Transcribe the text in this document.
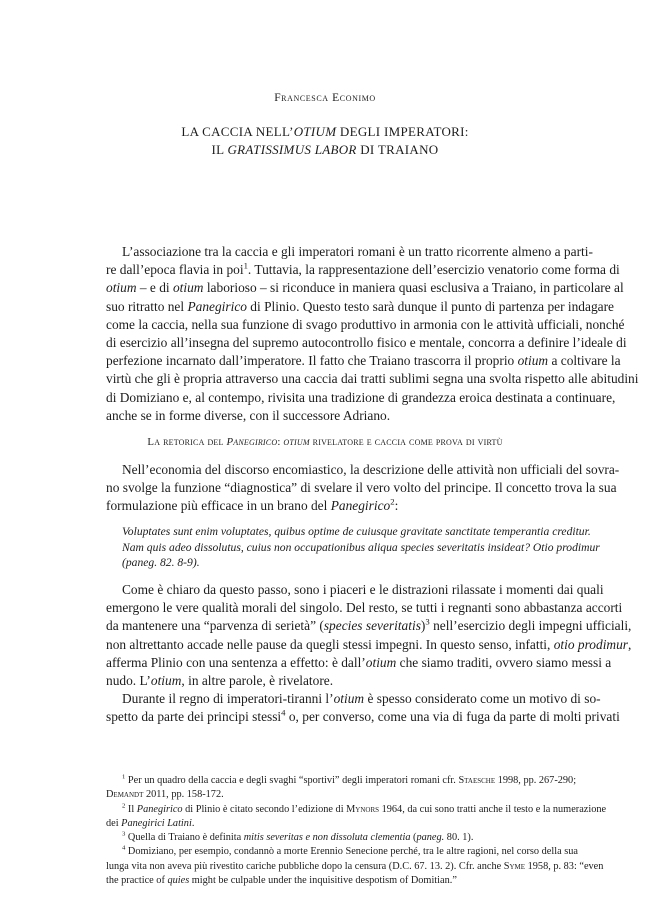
Francesca Econimo
LA CACCIA NELL’OTIUM DEGLI IMPERATORI:
IL GRATISSIMUS LABOR DI TRAIANO
L’associazione tra la caccia e gli imperatori romani è un tratto ricorrente almeno a parti-
re dall’epoca flavia in poi$^1$. Tuttavia, la rappresentazione dell’esercizio venatorio come forma di
otium – e di otium laborioso – si riconduce in maniera quasi esclusiva a Traiano, in particolare al
suo ritratto nel Panegirico di Plinio. Questo testo sarà dunque il punto di partenza per indagare
come la caccia, nella sua funzione di svago produttivo in armonia con le attività ufficiali, nonché
di esercizio all’insegna del supremo autocontrollo fisico e mentale, concorra a definire l’ideale di
perfezione incarnato dall’imperatore. Il fatto che Traiano trascorra il proprio otium a coltivare la
virtù che gli è propria attraverso una caccia dai tratti sublimi segna una svolta rispetto alle abitudini
di Domiziano e, al contempo, rivisita una tradizione di grandezza eroica destinata a continuare,
anche se in forme diverse, con il successore Adriano.
La retorica del Panegirico: otium rivelatore e caccia come prova di virtù
Nell’economia del discorso encomiastico, la descrizione delle attività non ufficiali del sovra-
no svolge la funzione “diagnostica” di svelare il vero volto del principe. Il concetto trova la sua
formulazione più efficace in un brano del Panegirico$^2$:
Voluptates sunt enim voluptates, quibus optime de cuiusque gravitate sanctitate temperantia creditur.
Nam quis adeo dissolutus, cuius non occupationibus aliqua species severitatis insideat? Otio prodimur
(paneg. 82. 8-9).
Come è chiaro da questo passo, sono i piaceri e le distrazioni rilassate i momenti dai quali
emergono le vere qualità morali del singolo. Del resto, se tutti i regnanti sono abbastanza accorti
da mantenere una “parvenza di serietà” (species severitatis)$^3$ nell’esercizio degli impegni ufficiali,
non altrettanto accade nelle pause da quegli stessi impegni. In questo senso, infatti, otio prodimur,
afferma Plinio con una sentenza a effetto: è dall’otium che siamo traditi, ovvero siamo messi a
nudo. L’otium, in altre parole, è rivelatore.
Durante il regno di imperatori-tiranni l’otium è spesso considerato come un motivo di so-
spetto da parte dei principi stessi$^4$ o, per converso, come una via di fuga da parte di molti privati
$^1$ Per un quadro della caccia e degli svaghi “sportivi” degli imperatori romani cfr. Staesche 1998, pp. 267-290;
Demandt 2011, pp. 158-172.
$^2$ Il Panegirico di Plinio è citato secondo l’edizione di Mynors 1964, da cui sono tratti anche il testo e la numerazione
dei Panegirici Latini.
$^3$ Quella di Traiano è definita mitis severitas e non dissoluta clementia (paneg. 80. 1).
$^4$ Domiziano, per esempio, condannò a morte Erennio Senecione perché, tra le altre ragioni, nel corso della sua
lunga vita non aveva più rivestito cariche pubbliche dopo la censura (D.C. 67. 13. 2). Cfr. anche Syme 1958, p. 83: “even
the practice of quies might be culpable under the inquisitive despotism of Domitian.”
